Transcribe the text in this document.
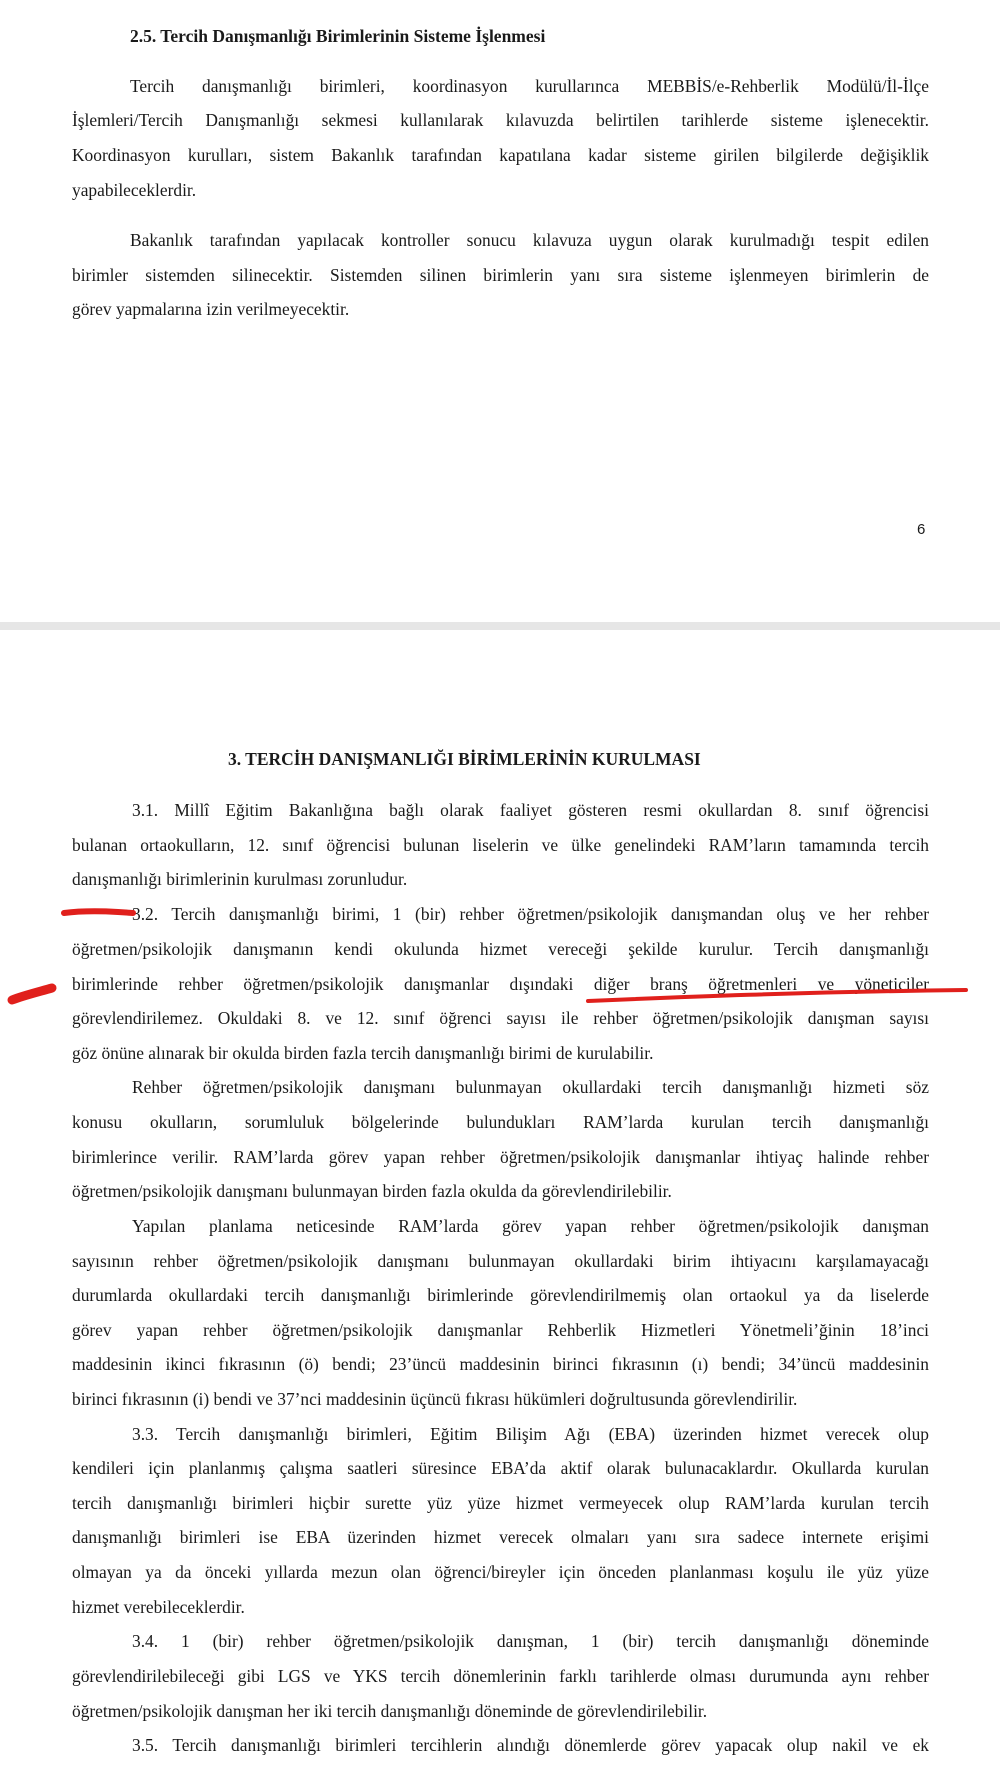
2.5. Tercih Danışmanlığı Birimlerinin Sisteme İşlenmesi
Tercih danışmanlığı birimleri, koordinasyon kurullarınca MEBBİS/e-Rehberlik Modülü/İl-İlçe
İşlemleri/Tercih Danışmanlığı sekmesi kullanılarak kılavuzda belirtilen tarihlerde sisteme işlenecektir.
Koordinasyon kurulları, sistem Bakanlık tarafından kapatılana kadar sisteme girilen bilgilerde değişiklik
yapabileceklerdir.
Bakanlık tarafından yapılacak kontroller sonucu kılavuza uygun olarak kurulmadığı tespit edilen
birimler sistemden silinecektir. Sistemden silinen birimlerin yanı sıra sisteme işlenmeyen birimlerin de
görev yapmalarına izin verilmeyecektir.
6
3. TERCİH DANIŞMANLIĞI BİRİMLERİNİN KURULMASI
3.1. Millî Eğitim Bakanlığına bağlı olarak faaliyet gösteren resmi okullardan 8. sınıf öğrencisi
bulanan ortaokulların, 12. sınıf öğrencisi bulunan liselerin ve ülke genelindeki RAM’ların tamamında tercih
danışmanlığı birimlerinin kurulması zorunludur.
3.2. Tercih danışmanlığı birimi, 1 (bir) rehber öğretmen/psikolojik danışmandan oluş ve her rehber
öğretmen/psikolojik danışmanın kendi okulunda hizmet vereceği şekilde kurulur. Tercih danışmanlığı
birimlerinde rehber öğretmen/psikolojik danışmanlar dışındaki diğer branş öğretmenleri ve yöneticiler
görevlendirilemez. Okuldaki 8. ve 12. sınıf öğrenci sayısı ile rehber öğretmen/psikolojik danışman sayısı
göz önüne alınarak bir okulda birden fazla tercih danışmanlığı birimi de kurulabilir.
Rehber öğretmen/psikolojik danışmanı bulunmayan okullardaki tercih danışmanlığı hizmeti söz
konusu okulların, sorumluluk bölgelerinde bulundukları RAM’larda kurulan tercih danışmanlığı
birimlerince verilir. RAM’larda görev yapan rehber öğretmen/psikolojik danışmanlar ihtiyaç halinde rehber
öğretmen/psikolojik danışmanı bulunmayan birden fazla okulda da görevlendirilebilir.
Yapılan planlama neticesinde RAM’larda görev yapan rehber öğretmen/psikolojik danışman
sayısının rehber öğretmen/psikolojik danışmanı bulunmayan okullardaki birim ihtiyacını karşılamayacağı
durumlarda okullardaki tercih danışmanlığı birimlerinde görevlendirilmemiş olan ortaokul ya da liselerde
görev yapan rehber öğretmen/psikolojik danışmanlar Rehberlik Hizmetleri Yönetmeli’ğinin 18’inci
maddesinin ikinci fıkrasının (ö) bendi; 23’üncü maddesinin birinci fıkrasının (ı) bendi; 34’üncü maddesinin
birinci fıkrasının (i) bendi ve 37’nci maddesinin üçüncü fıkrası hükümleri doğrultusunda görevlendirilir.
3.3. Tercih danışmanlığı birimleri, Eğitim Bilişim Ağı (EBA) üzerinden hizmet verecek olup
kendileri için planlanmış çalışma saatleri süresince EBA’da aktif olarak bulunacaklardır. Okullarda kurulan
tercih danışmanlığı birimleri hiçbir surette yüz yüze hizmet vermeyecek olup RAM’larda kurulan tercih
danışmanlığı birimleri ise EBA üzerinden hizmet verecek olmaları yanı sıra sadece internete erişimi
olmayan ya da önceki yıllarda mezun olan öğrenci/bireyler için önceden planlanması koşulu ile yüz yüze
hizmet verebileceklerdir.
3.4. 1 (bir) rehber öğretmen/psikolojik danışman, 1 (bir) tercih danışmanlığı döneminde
görevlendirilebileceği gibi LGS ve YKS tercih dönemlerinin farklı tarihlerde olması durumunda aynı rehber
öğretmen/psikolojik danışman her iki tercih danışmanlığı döneminde de görevlendirilebilir.
3.5. Tercih danışmanlığı birimleri tercihlerin alındığı dönemlerde görev yapacak olup nakil ve ek
